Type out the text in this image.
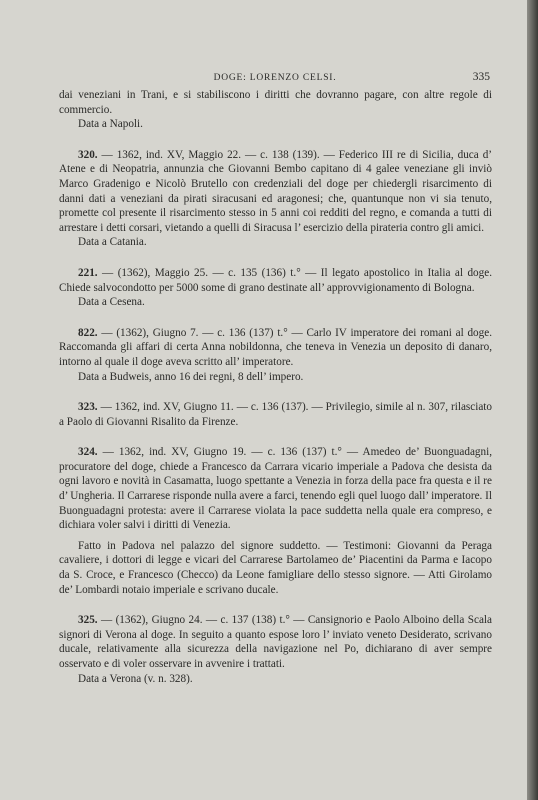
DOGE: LORENZO CELSI.	335

dai veneziani in Trani, e si stabiliscono i diritti che dovranno pagare, con altre regole di commercio.

Data a Napoli.

320. — 1362, ind. XV, Maggio 22. — c. 138 (139). — Federico III re di Sicilia, duca d’ Atene e di Neopatria, annunzia che Giovanni Bembo capitano di 4 galee veneziane gli inviò Marco Gradenigo e Nicolò Brutello con credenziali del doge per chiedergli risarcimento di danni dati a veneziani da pirati siracusani ed aragonesi; che, quantunque non vi sia tenuto, promette col presente il risarcimento stesso in 5 anni coi redditi del regno, e comanda a tutti di arrestare i detti corsari, vietando a quelli di Siracusa l’ esercizio della pirateria contro gli amici.

Data a Catania.

221. — (1362), Maggio 25. — c. 135 (136) t.° — Il legato apostolico in Italia al doge. Chiede salvocondotto per 5000 some di grano destinate all’ approvvigionamento di Bologna.

Data a Cesena.

822. — (1362), Giugno 7. — c. 136 (137) t.° — Carlo IV imperatore dei romani al doge. Raccomanda gli affari di certa Anna nobildonna, che teneva in Venezia un deposito di danaro, intorno al quale il doge aveva scritto all’ imperatore.

Data a Budweis, anno 16 dei regni, 8 dell’ impero.

323. — 1362, ind. XV, Giugno 11. — c. 136 (137). — Privilegio, simile al n. 307, rilasciato a Paolo di Giovanni Risalito da Firenze.

324. — 1362, ind. XV, Giugno 19. — c. 136 (137) t.° — Amedeo de’ Buonguadagni, procuratore del doge, chiede a Francesco da Carrara vicario imperiale a Padova che desista da ogni lavoro e novità in Casamatta, luogo spettante a Venezia in forza della pace fra questa e il re d’ Ungheria. Il Carrarese risponde nulla avere a farci, tenendo egli quel luogo dall’ imperatore. Il Buonguadagni protesta: avere il Carrarese violata la pace suddetta nella quale era compreso, e dichiara voler salvi i diritti di Venezia.

Fatto in Padova nel palazzo del signore suddetto. — Testimoni: Giovanni da Peraga cavaliere, i dottori di legge e vicari del Carrarese Bartolameo de’ Piacentini da Parma e Iacopo da S. Croce, e Francesco (Checco) da Leone famigliare dello stesso signore. — Atti Girolamo de’ Lombardi notaio imperiale e scrivano ducale.

325. — (1362), Giugno 24. — c. 137 (138) t.° — Cansignorio e Paolo Alboino della Scala signori di Verona al doge. In seguito a quanto espose loro l’ inviato veneto Desiderato, scrivano ducale, relativamente alla sicurezza della navigazione nel Po, dichiarano di aver sempre osservato e di voler osservare in avvenire i trattati.

Data a Verona (v. n. 328).
